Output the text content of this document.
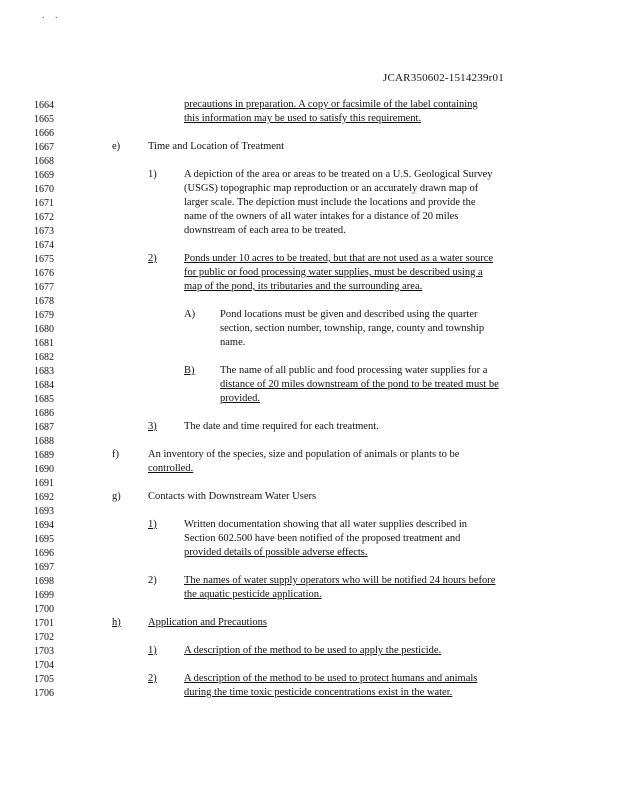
. .
JCAR350602-1514239r01
1664
1665
1666
1667
1668
1669
1670
1671
1672
1673
1674
1675
1676
1677
1678
1679
1680
1681
1682
1683
1684
1685
1686
1687
1688
1689
1690
1691
1692
1693
1694
1695
1696
1697
1698
1699
1700
1701
1702
1703
1704
1705
1706
precautions in preparation. A copy or facsimile of the label containing
this information may be used to satisfy this requirement.
e)	Time and Location of Treatment
1)	A depiction of the area or areas to be treated on a U.S. Geological Survey
(USGS) topographic map reproduction or an accurately drawn map of
larger scale. The depiction must include the locations and provide the
name of the owners of all water intakes for a distance of 20 miles
downstream of each area to be treated.
2)	Ponds under 10 acres to be treated, but that are not used as a water source
for public or food processing water supplies, must be described using a
map of the pond, its tributaries and the surrounding area.
A) Pond locations must be given and described using the quarter
section, section number, township, range, county and township
name.
B) The name of all public and food processing water supplies for a
distance of 20 miles downstream of the pond to be treated must be
provided.
3)	The date and time required for each treatment.
f)	An inventory of the species, size and population of animals or plants to be
controlled.
g)	Contacts with Downstream Water Users
1)	Written documentation showing that all water supplies described in
Section 602.500 have been notified of the proposed treatment and
provided details of possible adverse effects.
2)	The names of water supply operators who will be notified 24 hours before
the aquatic pesticide application.
h)	Application and Precautions
1)	A description of the method to be used to apply the pesticide.
2)	A description of the method to be used to protect humans and animals
during the time toxic pesticide concentrations exist in the water.
